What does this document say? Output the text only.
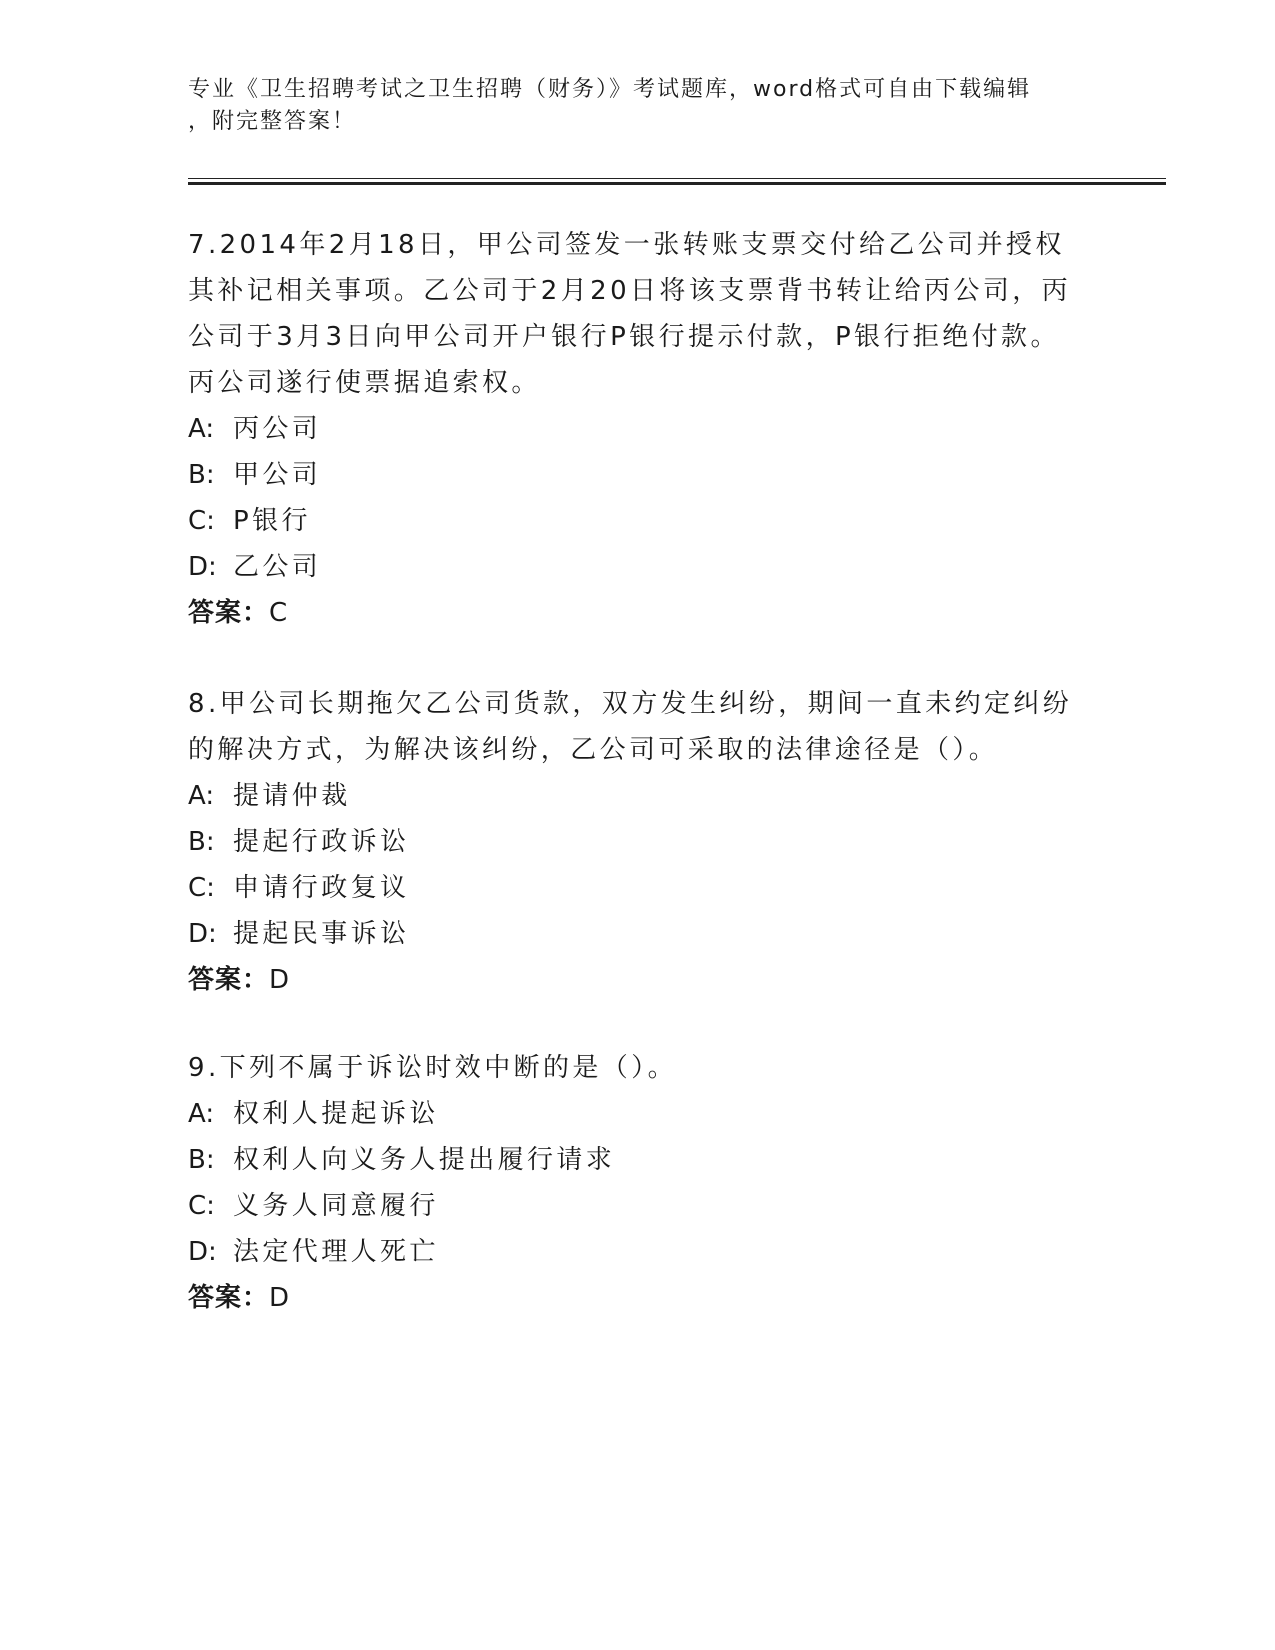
专业《卫生招聘考试之卫生招聘（财务）》考试题库，word格式可自由下载编辑
，附完整答案！

7.2014年2月18日，甲公司签发一张转账支票交付给乙公司并授权其补记相关事项。乙公司于2月20日将该支票背书转让给丙公司，丙公司于3月3日向甲公司开户银行P银行提示付款，P银行拒绝付款。丙公司遂行使票据追索权。

A: 丙公司

B: 甲公司

C: P银行

D: 乙公司

答案：C

8.甲公司长期拖欠乙公司货款，双方发生纠纷，期间一直未约定纠纷的解决方式，为解决该纠纷，乙公司可采取的法律途径是（）。

A: 提请仲裁

B: 提起行政诉讼

C: 申请行政复议

D: 提起民事诉讼

答案：D

9.下列不属于诉讼时效中断的是（）。

A: 权利人提起诉讼

B: 权利人向义务人提出履行请求

C: 义务人同意履行

D: 法定代理人死亡

答案：D
